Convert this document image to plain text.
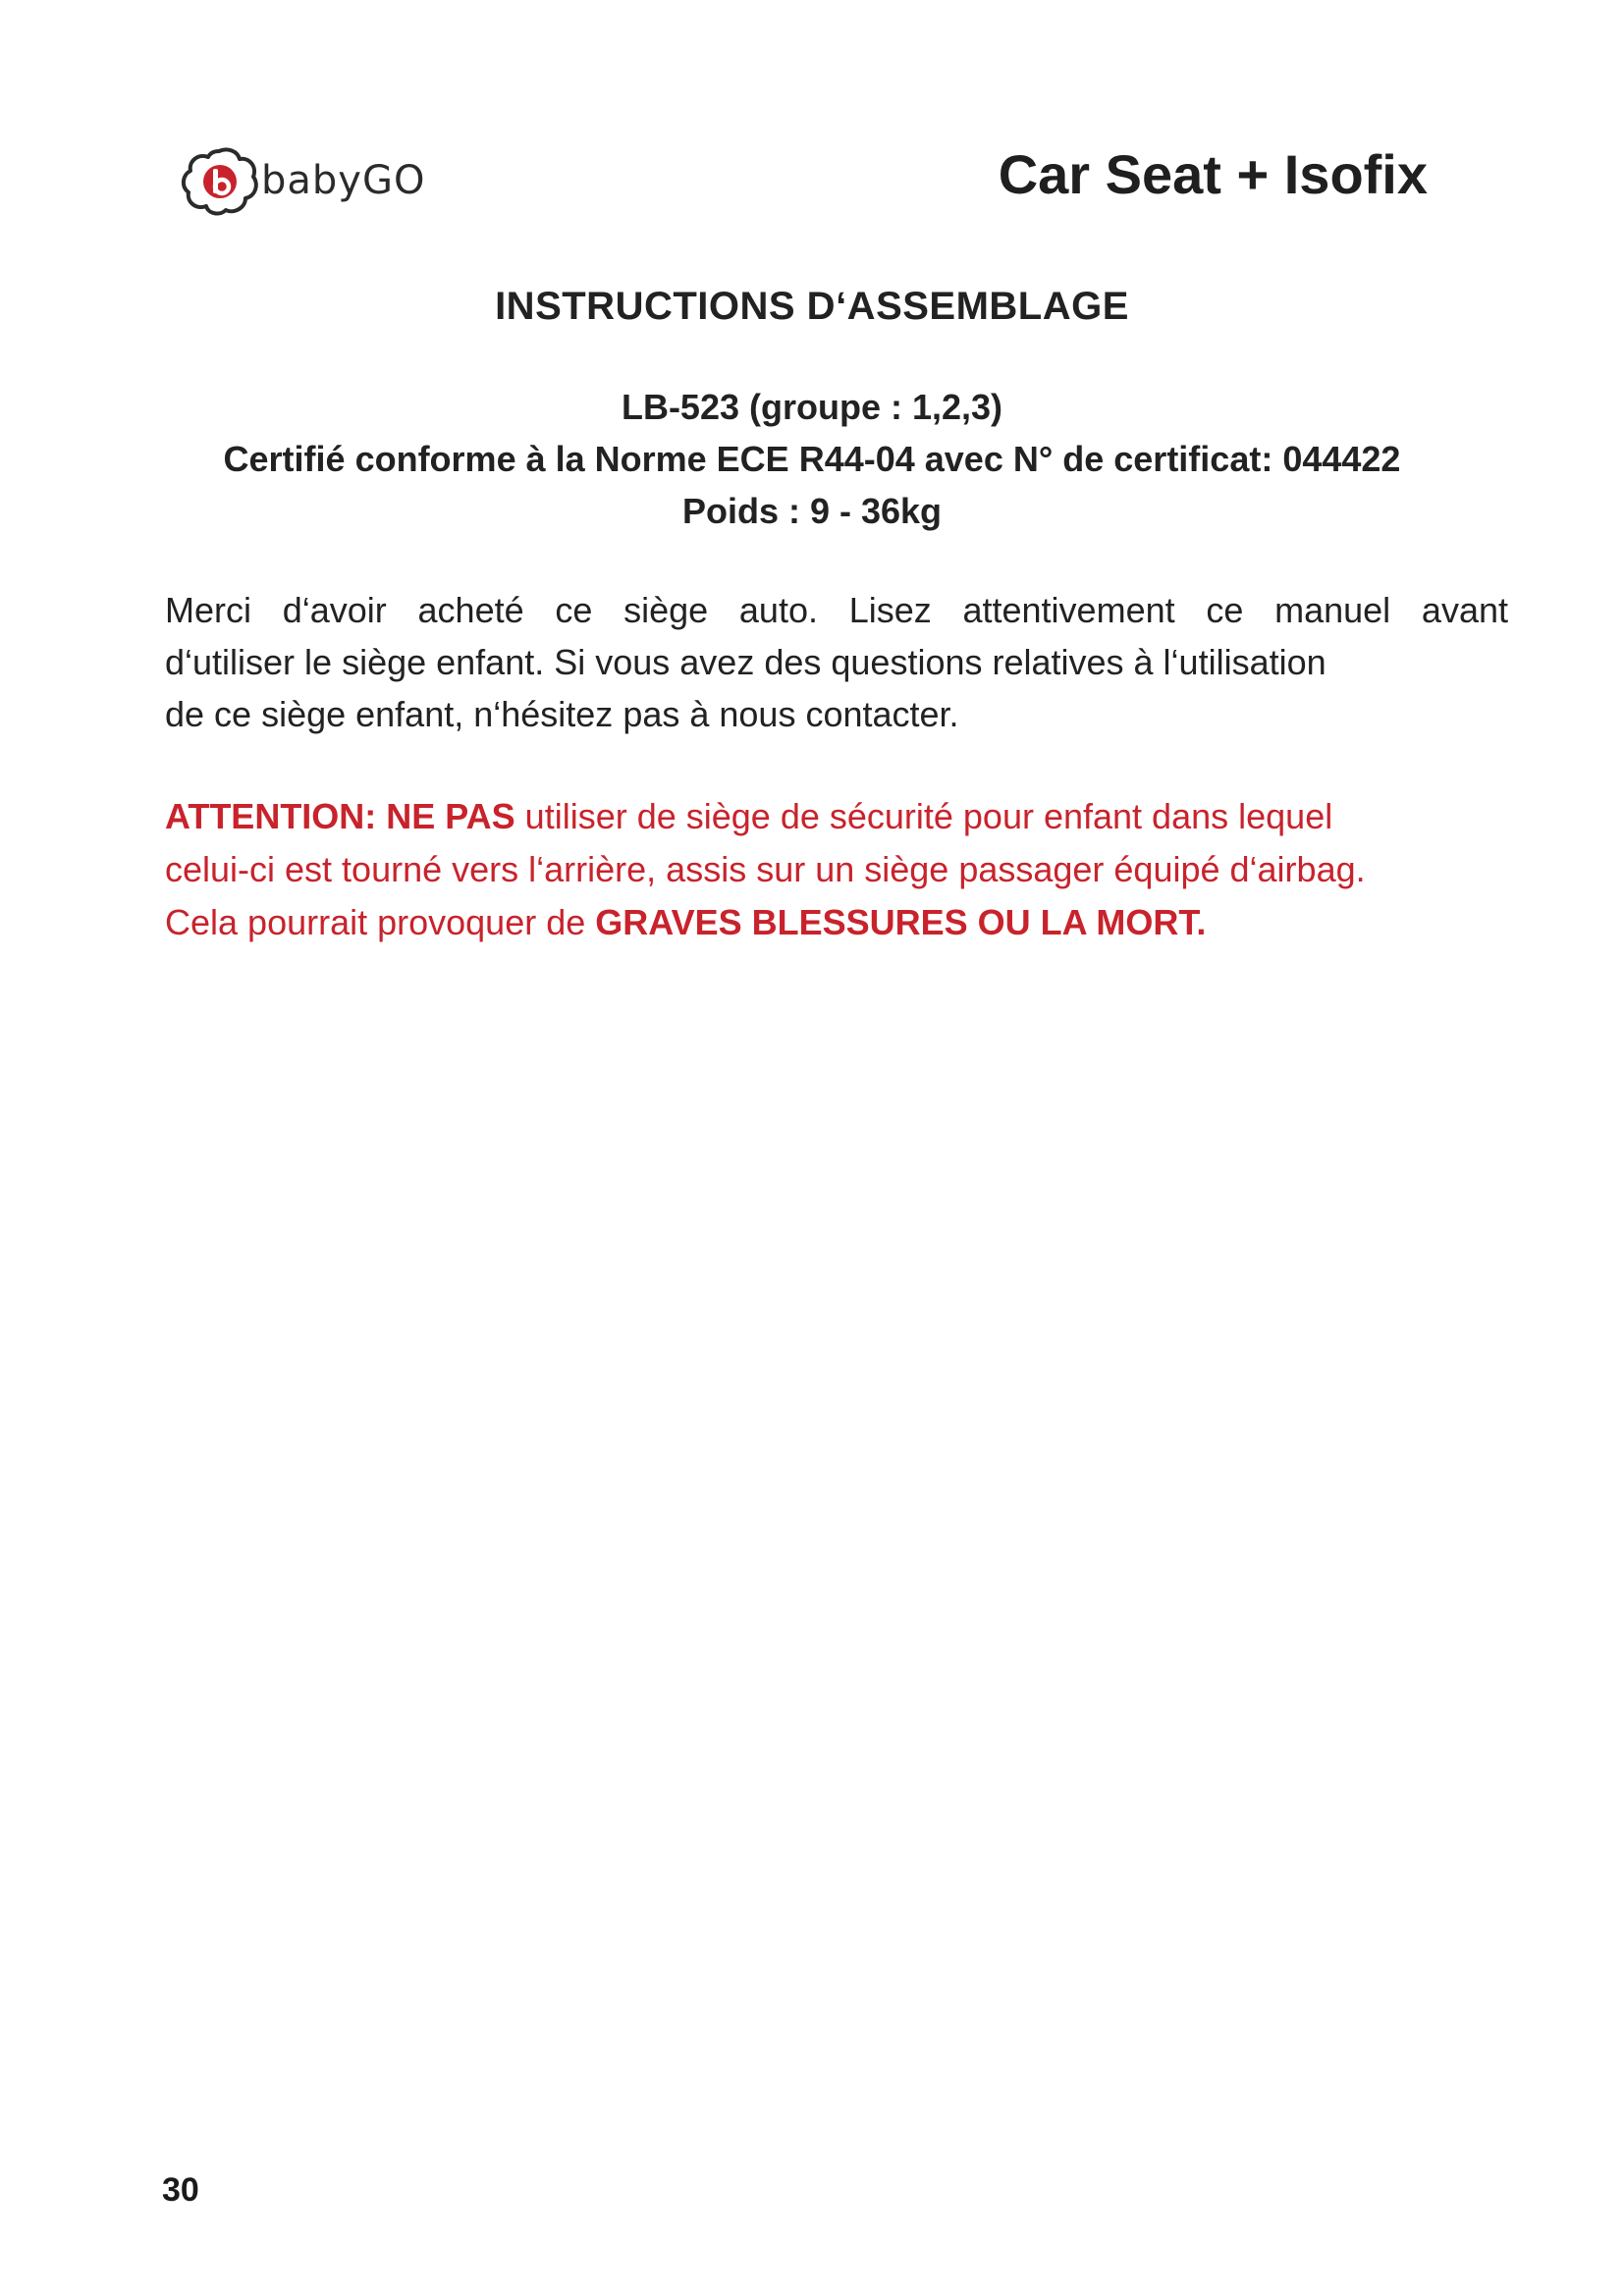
babyGO	Car Seat + Isofix
INSTRUCTIONS D‘ASSEMBLAGE
LB-523 (groupe : 1,2,3)
Certifié conforme à la Norme ECE R44-04 avec N° de certificat: 044422
Poids : 9 - 36kg
Merci d‘avoir acheté ce siège auto. Lisez attentivement ce manuel avant
d‘utiliser le siège enfant. Si vous avez des questions relatives à l‘utilisation
de ce siège enfant, n‘hésitez pas à nous contacter.
ATTENTION: NE PAS utiliser de siège de sécurité pour enfant dans lequel
celui-ci est tourné vers l‘arrière, assis sur un siège passager équipé d‘airbag.
Cela pourrait provoquer de GRAVES BLESSURES OU LA MORT.
30
